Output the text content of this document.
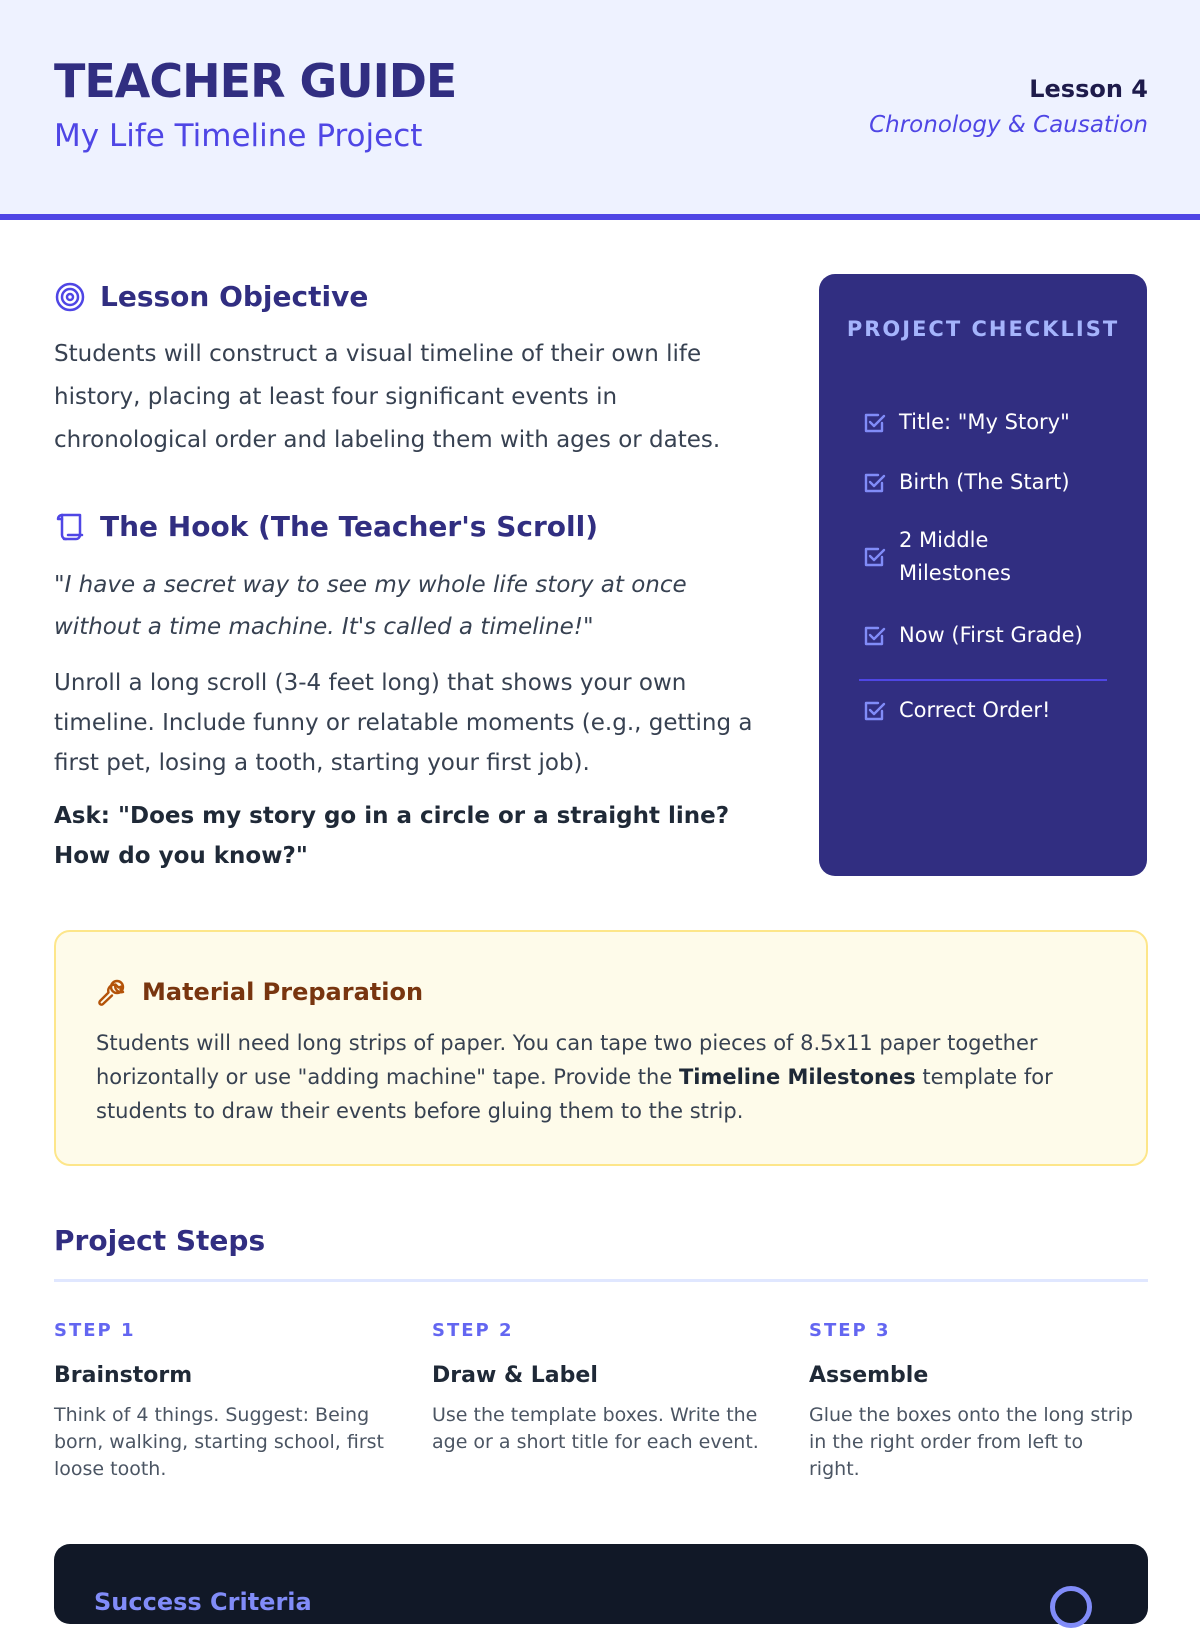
TEACHER GUIDE
My Life Timeline Project
Lesson 4
Chronology & Causation
Lesson Objective
Students will construct a visual timeline of their own life history, placing at least four significant events in chronological order and labeling them with ages or dates.
The Hook (The Teacher's Scroll)
"I have a secret way to see my whole life story at once without a time machine. It's called a timeline!"
Unroll a long scroll (3-4 feet long) that shows your own timeline. Include funny or relatable moments (e.g., getting a first pet, losing a tooth, starting your first job).
Ask: "Does my story go in a circle or a straight line? How do you know?"
PROJECT CHECKLIST
Title: "My Story"
Birth (The Start)
2 Middle Milestones
Now (First Grade)
Correct Order!
Material Preparation
Students will need long strips of paper. You can tape two pieces of 8.5x11 paper together horizontally or use "adding machine" tape. Provide the Timeline Milestones template for students to draw their events before gluing them to the strip.
Project Steps
STEP 1
Brainstorm
Think of 4 things. Suggest: Being born, walking, starting school, first loose tooth.
STEP 2
Draw & Label
Use the template boxes. Write the age or a short title for each event.
STEP 3
Assemble
Glue the boxes onto the long strip in the right order from left to right.
Success Criteria
